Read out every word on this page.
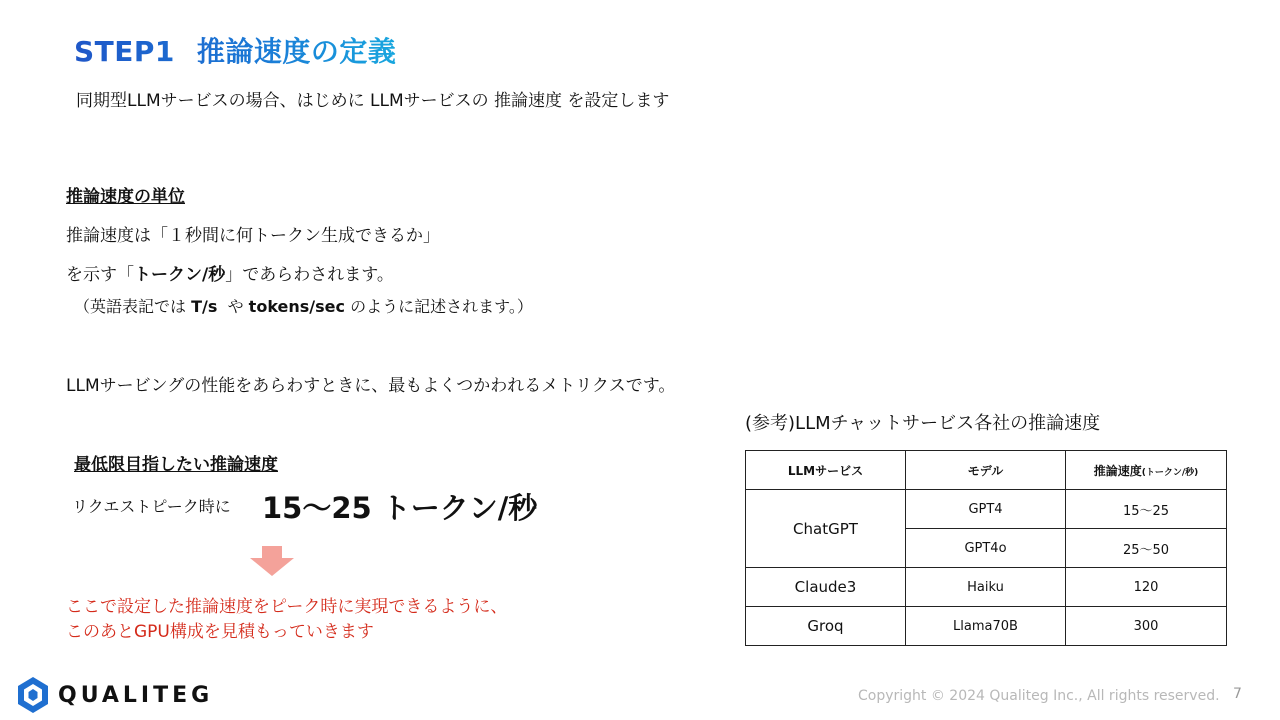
STEP1 推論速度の定義
同期型LLMサービスの場合、はじめに LLMサービスの 推論速度 を設定します
推論速度の単位
推論速度は「１秒間に何トークン生成できるか」
を示す「トークン/秒」であらわされます。
（英語表記では T/s や tokens/sec のように記述されます。）
LLMサービングの性能をあらわすときに、最もよくつかわれるメトリクスです。
最低限目指したい推論速度
リクエストピーク時に 15～25 トークン/秒
ここで設定した推論速度をピーク時に実現できるように、
このあとGPU構成を見積もっていきます
(参考)LLMチャットサービス各社の推論速度
LLMサービス	モデル	推論速度(トークン/秒)
ChatGPT	GPT4	15～25
	GPT4o	25～50
Claude3	Haiku	120
Groq	Llama70B	300
QUALITEG	Copyright © 2024 Qualiteg Inc., All rights reserved. 7
